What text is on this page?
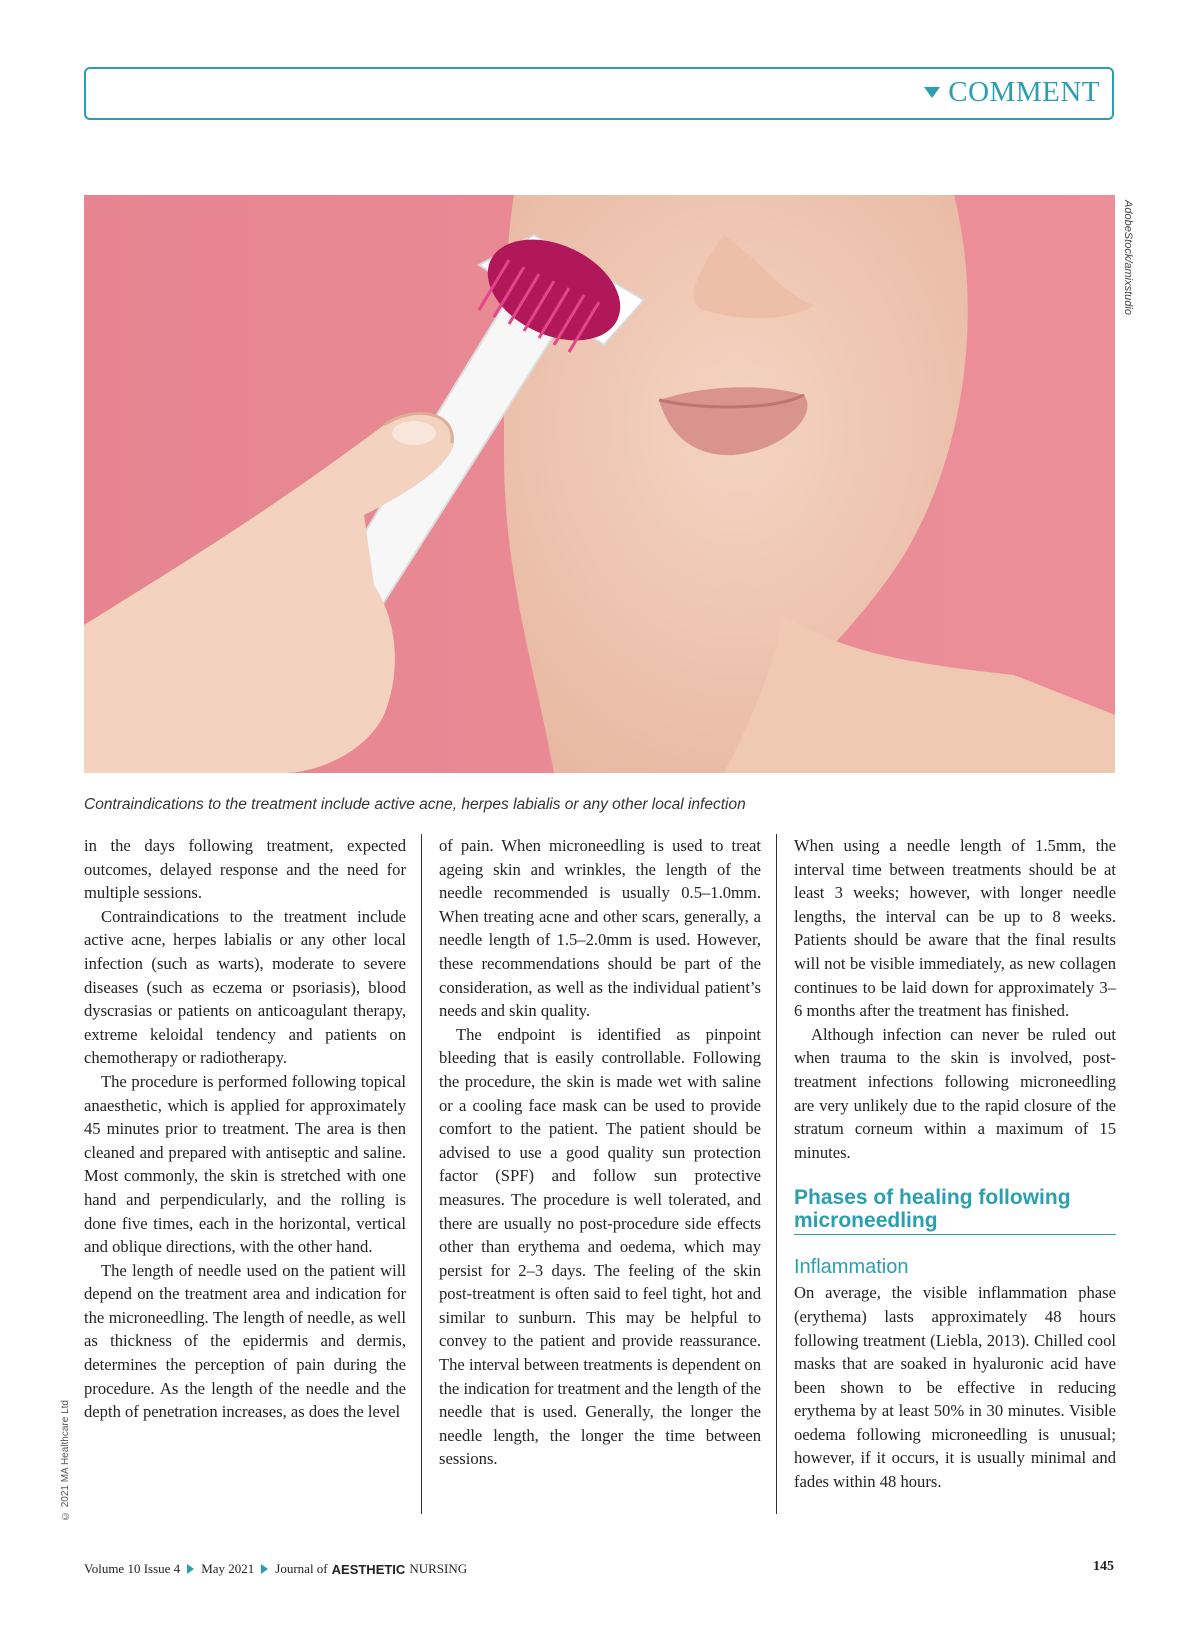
COMMENT
AdobeStock/amixstudio
© 2021 MA Healthcare Ltd
Contraindications to the treatment include active acne, herpes labialis or any other local infection

in the days following treatment, expected outcomes, delayed response and the need for multiple sessions.

Contraindications to the treatment include active acne, herpes labialis or any other local infection (such as warts), moderate to severe diseases (such as eczema or psoriasis), blood dyscrasias or patients on anticoagulant therapy, extreme keloidal tendency and patients on chemotherapy or radiotherapy.

The procedure is performed following topical anaesthetic, which is applied for approximately 45 minutes prior to treatment. The area is then cleaned and prepared with antiseptic and saline. Most commonly, the skin is stretched with one hand and perpendicularly, and the rolling is done five times, each in the horizontal, vertical and oblique directions, with the other hand.

The length of needle used on the patient will depend on the treatment area and indication for the microneedling. The length of needle, as well as thickness of the epidermis and dermis, determines the perception of pain during the procedure. As the length of the needle and the depth of penetration increases, as does the level

of pain. When microneedling is used to treat ageing skin and wrinkles, the length of the needle recommended is usually 0.5–1.0mm. When treating acne and other scars, generally, a needle length of 1.5–2.0mm is used. However, these recommendations should be part of the consideration, as well as the individual patient’s needs and skin quality.

The endpoint is identified as pinpoint bleeding that is easily controllable. Following the procedure, the skin is made wet with saline or a cooling face mask can be used to provide comfort to the patient. The patient should be advised to use a good quality sun protection factor (SPF) and follow sun protective measures. The procedure is well tolerated, and there are usually no post-procedure side effects other than erythema and oedema, which may persist for 2–3 days. The feeling of the skin post-treatment is often said to feel tight, hot and similar to sunburn. This may be helpful to convey to the patient and provide reassurance. The interval between treatments is dependent on the indication for treatment and the length of the needle that is used. Generally, the longer the needle length, the longer the time between sessions.

When using a needle length of 1.5mm, the interval time between treatments should be at least 3 weeks; however, with longer needle lengths, the interval can be up to 8 weeks. Patients should be aware that the final results will not be visible immediately, as new collagen continues to be laid down for approximately 3–6 months after the treatment has finished.

Although infection can never be ruled out when trauma to the skin is involved, post-treatment infections following microneedling are very unlikely due to the rapid closure of the stratum corneum within a maximum of 15 minutes.

Phases of healing following microneedling
Inflammation

On average, the visible inflammation phase (erythema) lasts approximately 48 hours following treatment (Liebla, 2013). Chilled cool masks that are soaked in hyaluronic acid have been shown to be effective in reducing erythema by at least 50% in 30 minutes. Visible oedema following microneedling is unusual; however, if it occurs, it is usually minimal and fades within 48 hours.

Volume 10 Issue 4 May 2021 Journal of AESTHETIC NURSING	145
